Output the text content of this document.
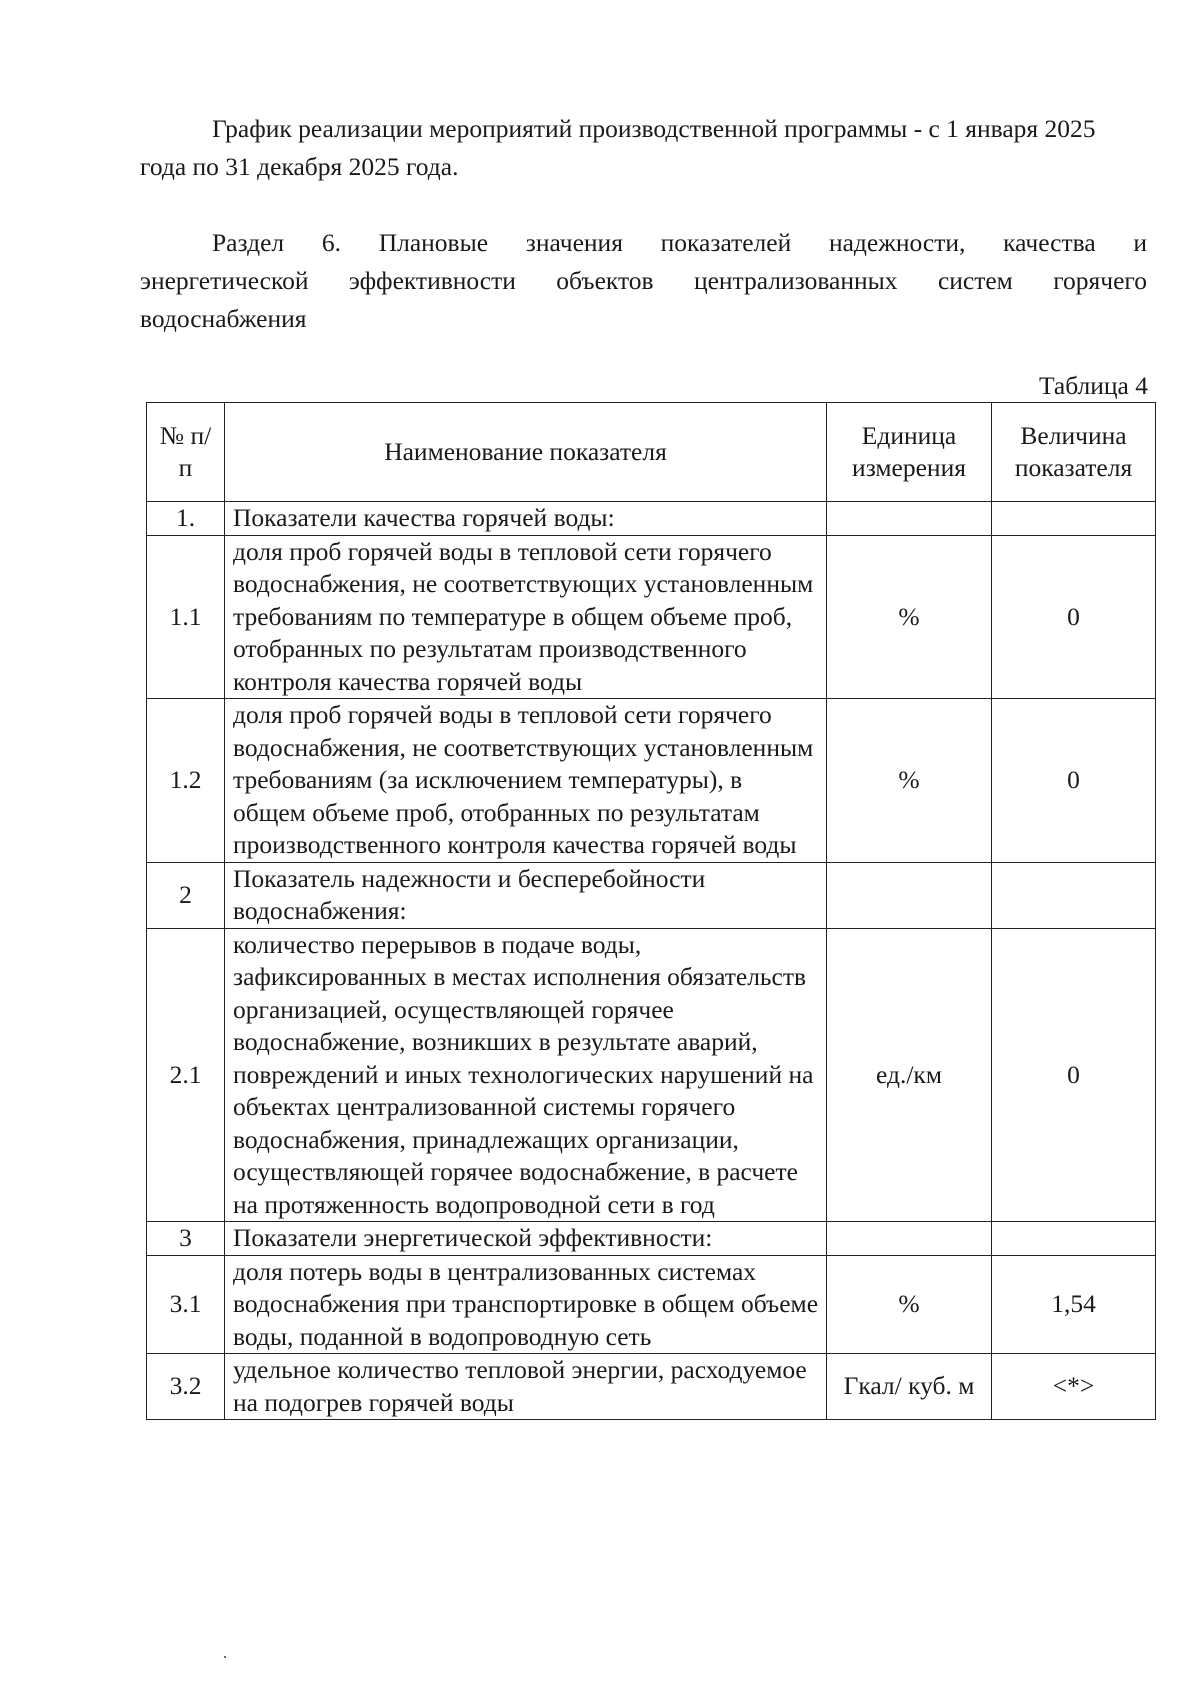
График реализации мероприятий производственной программы - с 1 января 2025 года по 31 декабря 2025 года.

Раздел 6. Плановые значения показателей надежности, качества и энергетической эффективности объектов централизованных систем горячего водоснабжения

Таблица 4
№ п/п	Наименование показателя	Единица измерения	Величина показателя
1.	Показатели качества горячей воды:		
1.1	доля проб горячей воды в тепловой сети горячего водоснабжения, не соответствующих установленным требованиям по температуре в общем объеме проб, отобранных по результатам производственного контроля качества горячей воды	%	0
1.2	доля проб горячей воды в тепловой сети горячего водоснабжения, не соответствующих установленным требованиям (за исключением температуры), в общем объеме проб, отобранных по результатам производственного контроля качества горячей воды	%	0
2	Показатель надежности и бесперебойности водоснабжения:		
2.1	количество перерывов в подаче воды, зафиксированных в местах исполнения обязательств организацией, осуществляющей горячее водоснабжение, возникших в результате аварий, повреждений и иных технологических нарушений на объектах централизованной системы горячего водоснабжения, принадлежащих организации, осуществляющей горячее водоснабжение, в расчете на протяженность водопроводной сети в год	ед./км	0
3	Показатели энергетической эффективности:		
3.1	доля потерь воды в централизованных системах водоснабжения при транспортировке в общем объеме воды, поданной в водопроводную сеть	%	1,54
3.2	удельное количество тепловой энергии, расходуемое на подогрев горячей воды	Гкал/ куб. м	<*>
